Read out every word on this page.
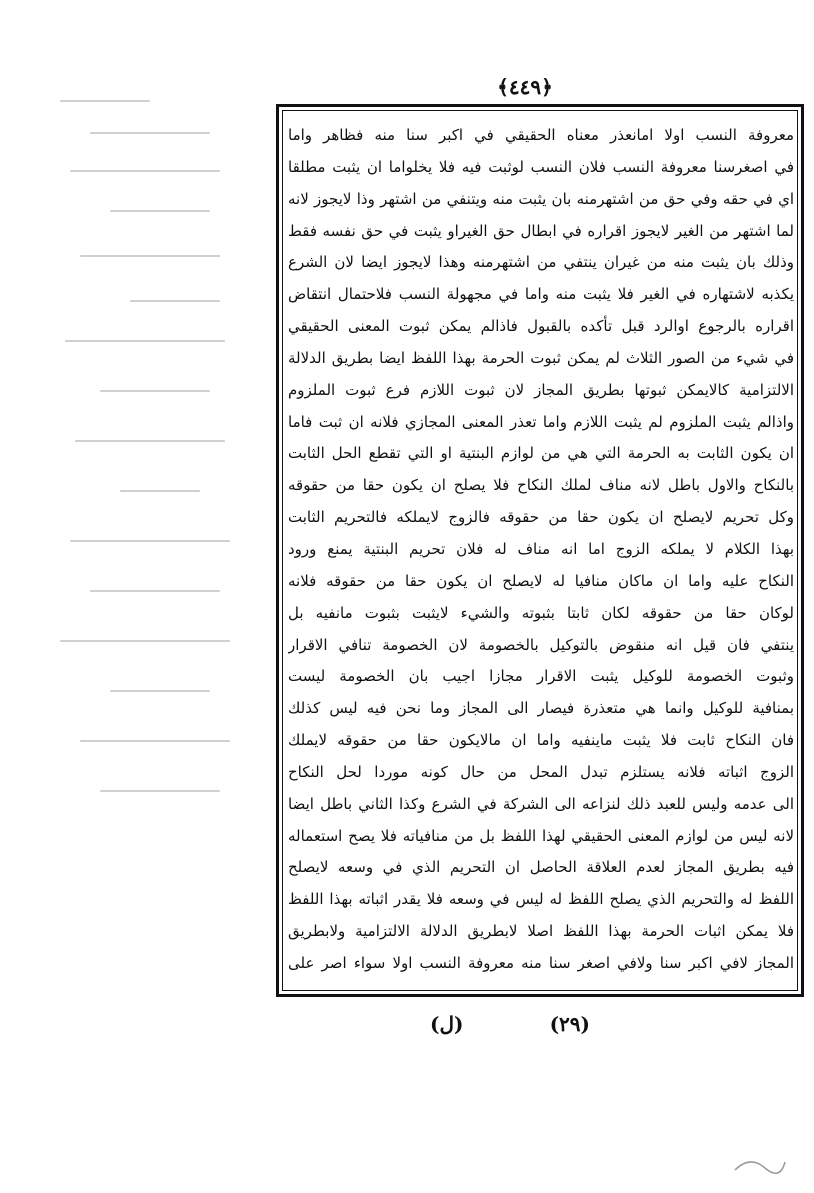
﴿٤٤٩﴾
معروفة النسب اولا امانعذر معناه الحقيقي في اكبر سنا منه فظاهر واما
في اصغرسنا معروفة النسب فلان النسب لوثبت فيه فلا يخلواما ان يثبت مطلقا
اي في حقه وفي حق من اشتهرمنه بان يثبت منه ويتنفي من اشتهر وذا لايجوز لانه
لما اشتهر من الغير لايجوز اقراره في ابطال حق الغيراو يثبت في حق نفسه فقط
وذلك بان يثبت منه من غيران ينتفي من اشتهرمنه وهذا لايجوز ايضا لان الشرع
يكذبه لاشتهاره في الغير فلا يثبت منه واما في مجهولة النسب فلاحتمال انتقاض
اقراره بالرجوع اوالرد قبل تأكده بالقبول فاذالم يمكن ثبوت المعنى الحقيقي
في شيء من الصور الثلاث لم يمكن ثبوت الحرمة بهذا اللفظ ايضا بطريق الدلالة
الالتزامية كالايمكن ثبوتها بطريق المجاز لان ثبوت اللازم فرع ثبوت الملزوم
واذالم يثبت الملزوم لم يثبت اللازم واما تعذر المعنى المجازي فلانه ان ثبت فاما
ان يكون الثابت به الحرمة التي هي من لوازم البنتية او التي تقطع الحل الثابت
بالنكاح والاول باطل لانه مناف لملك النكاح فلا يصلح ان يكون حقا من حقوقه
وكل تحريم لايصلح ان يكون حقا من حقوقه فالزوج لايملكه فالتحريم الثابت
بهذا الكلام لا يملكه الزوج اما انه مناف له فلان تحريم البنتية يمنع ورود
النكاح عليه واما ان ماكان منافيا له لايصلح ان يكون حقا من حقوقه فلانه
لوكان حقا من حقوقه لكان ثابتا بثبوته والشيء لايثبت بثبوت مانفيه بل
ينتفي فان قيل انه منقوض بالتوكيل بالخصومة لان الخصومة تنافي الاقرار
وثبوت الخصومة للوكيل يثبت الاقرار مجازا اجيب بان الخصومة ليست
بمنافية للوكيل وانما هي متعذرة فيصار الى المجاز وما نحن فيه ليس كذلك
فان النكاح ثابت فلا يثبت ماينفيه واما ان مالايكون حقا من حقوقه لايملك
الزوج اثباته فلانه يستلزم تبدل المحل من حال كونه موردا لحل النكاح
الى عدمه وليس للعبد ذلك لنزاعه الى الشركة في الشرع وكذا الثاني باطل ايضا
لانه ليس من لوازم المعنى الحقيقي لهذا اللفظ بل من منافياته فلا يصح استعماله
فيه بطريق المجاز لعدم العلاقة الحاصل ان التحريم الذي في وسعه لايصلح
اللفظ له والتحريم الذي يصلح اللفظ له ليس في وسعه فلا يقدر اثباته بهذا اللفظ
فلا يمكن اثبات الحرمة بهذا اللفظ اصلا لابطريق الدلالة الالتزامية ولابطريق
المجاز لافي اكبر سنا ولافي اصغر سنا منه معروفة النسب اولا سواء اصر على
(٢٩)
(ل)
